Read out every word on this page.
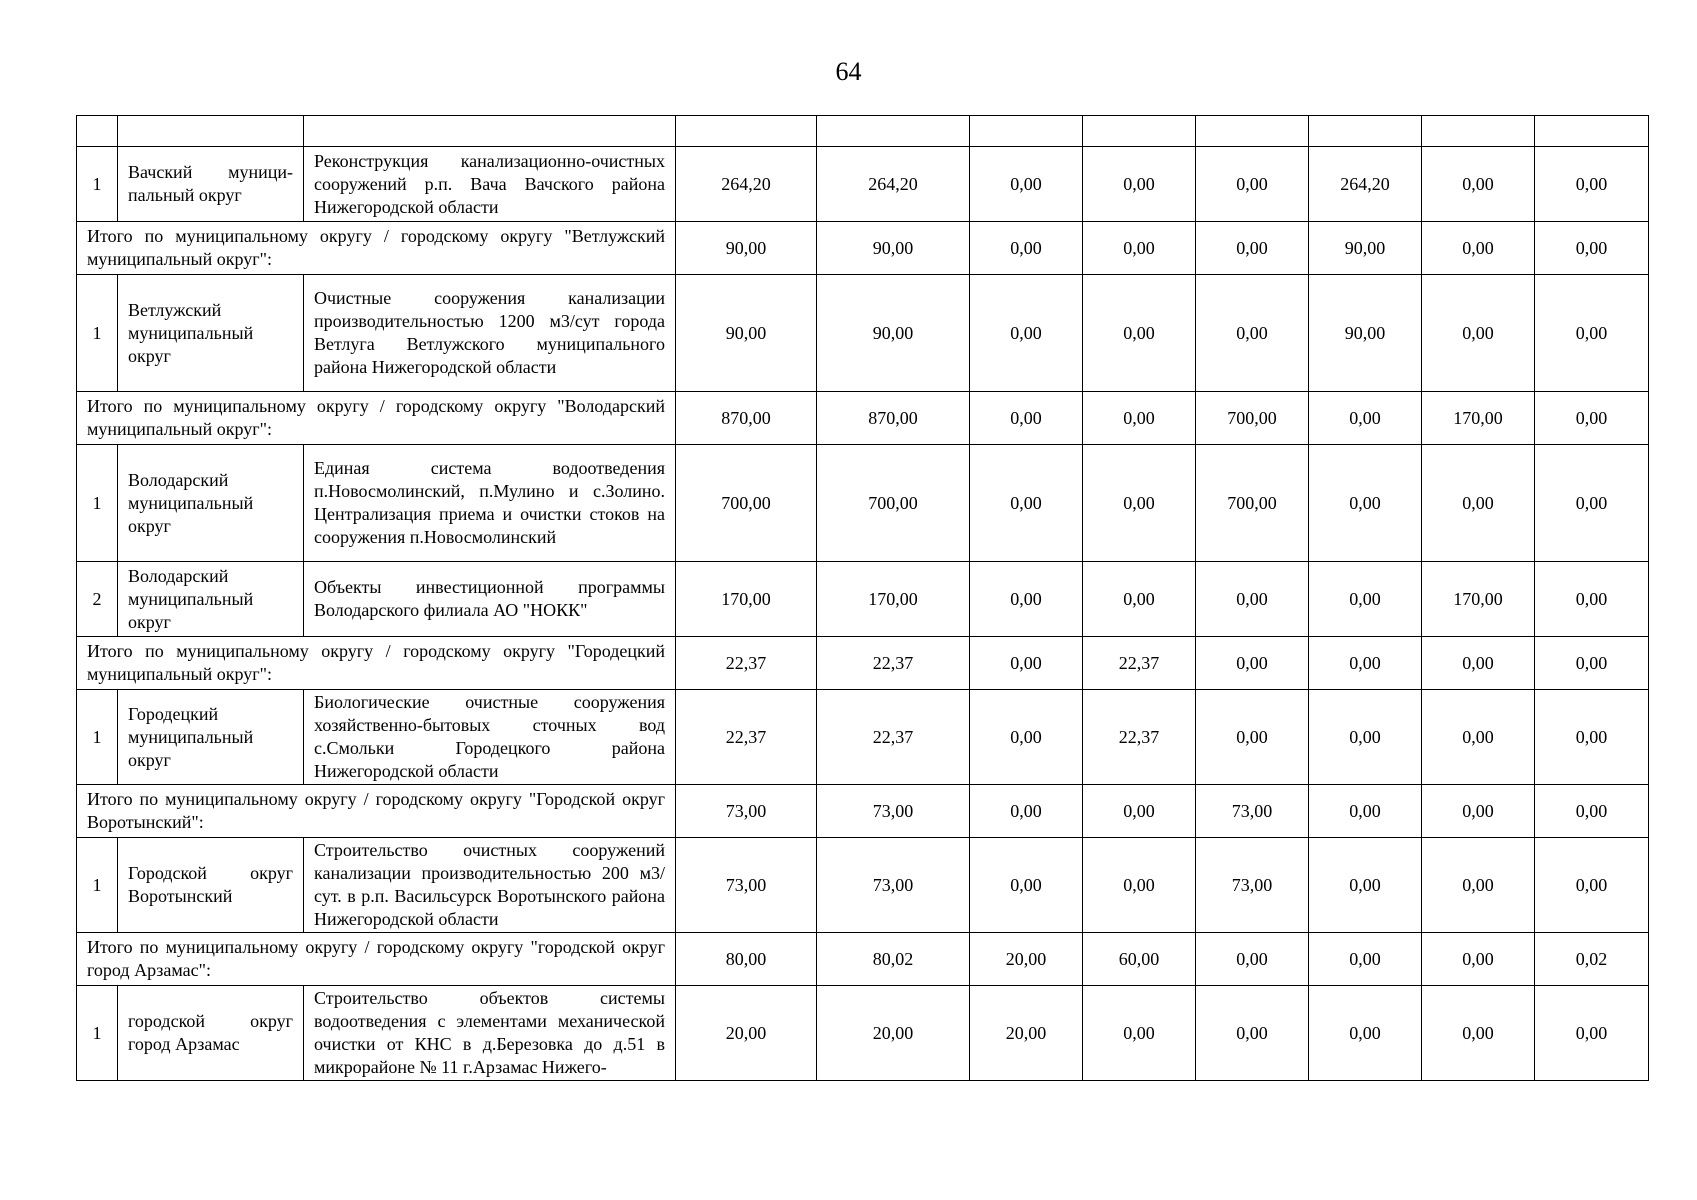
64

1	Вачский муници-пальный округ	Реконструкция канализационно-очистных сооружений р.п. Вача Вачского района Нижегородской области	264,20	264,20	0,00	0,00	0,00	264,20	0,00	0,00
Итого по муниципальному округу / городскому округу "Ветлужский муниципальный округ":			90,00	90,00	0,00	0,00	0,00	90,00	0,00	0,00
1	Ветлужский муниципальный округ	Очистные сооружения канализации производительностью 1200 м3/сут города Ветлуга Ветлужского муниципального района Нижегородской области	90,00	90,00	0,00	0,00	0,00	90,00	0,00	0,00
Итого по муниципальному округу / городскому округу "Володарский муниципальный округ":			870,00	870,00	0,00	0,00	700,00	0,00	170,00	0,00
1	Володарский муниципальный округ	Единая система водоотведения п.Новосмолинский, п.Мулино и с.Золино. Централизация приема и очистки стоков на сооружения п.Новосмолинский	700,00	700,00	0,00	0,00	700,00	0,00	0,00	0,00
2	Володарский муниципальный округ	Объекты инвестиционной программы Володарского филиала АО "НОКК"	170,00	170,00	0,00	0,00	0,00	0,00	170,00	0,00
Итого по муниципальному округу / городскому округу "Городецкий муниципальный округ":			22,37	22,37	0,00	22,37	0,00	0,00	0,00	0,00
1	Городецкий муниципальный округ	Биологические очистные сооружения хозяйственно-бытовых сточных вод с.Смольки Городецкого района Нижегородской области	22,37	22,37	0,00	22,37	0,00	0,00	0,00	0,00
Итого по муниципальному округу / городскому округу "Городской округ Воротынский":			73,00	73,00	0,00	0,00	73,00	0,00	0,00	0,00
1	Городской округ Воротынский	Строительство очистных сооружений канализации производительностью 200 м3/сут. в р.п. Васильсурск Воротынского района Нижегородской области	73,00	73,00	0,00	0,00	73,00	0,00	0,00	0,00
Итого по муниципальному округу / городскому округу "городской округ город Арзамас":			80,00	80,02	20,00	60,00	0,00	0,00	0,00	0,02
1	городской округ город Арзамас	Строительство объектов системы водоотведения с элементами механической очистки от КНС в д.Березовка до д.51 в микрорайоне № 11 г.Арзамас Нижего-	20,00	20,00	20,00	0,00	0,00	0,00	0,00	0,00
